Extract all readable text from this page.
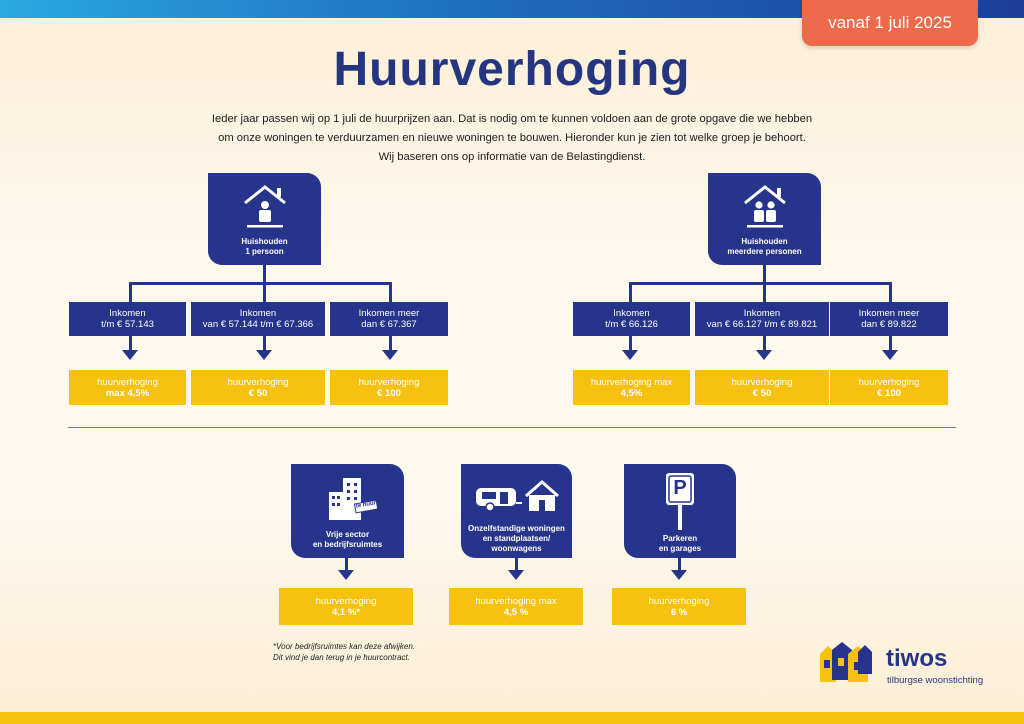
vanaf 1 juli 2025
Huurverhoging
Ieder jaar passen wij op 1 juli de huurprijzen aan. Dat is nodig om te kunnen voldoen aan de grote opgave die we hebben
om onze woningen te verduurzamen en nieuwe woningen te bouwen. Hieronder kun je zien tot welke groep je behoort.
Wij baseren ons op informatie van de Belastingdienst.
Huishouden
1 persoon
Inkomen
t/m € 57.143
Inkomen
van € 57.144 t/m € 67.366
Inkomen meer
dan € 67.367
huurverhoging
max 4,5%
huurverhoging
€ 50
huurverhoging
€ 100
Huishouden
meerdere personen
Inkomen
t/m € 66.126
Inkomen
van € 66.127 t/m € 89.821
Inkomen meer
dan € 89.822
huurverhoging max
4,5%
huurverhoging
€ 50
huurverhoging
€ 100
te huur
Vrije sector
en bedrijfsruimtes
Onzelfstandige woningen
en standplaatsen/
woonwagens
P
Parkeren
en garages
huurverhoging
4,1 %*
huurverhoging max
4,5 %
huurverhoging
6 %
*Voor bedrijfsruimtes kan deze afwijken.
Dit vind je dan terug in je huurcontract.	tiwos
tilburgse woonstichting
